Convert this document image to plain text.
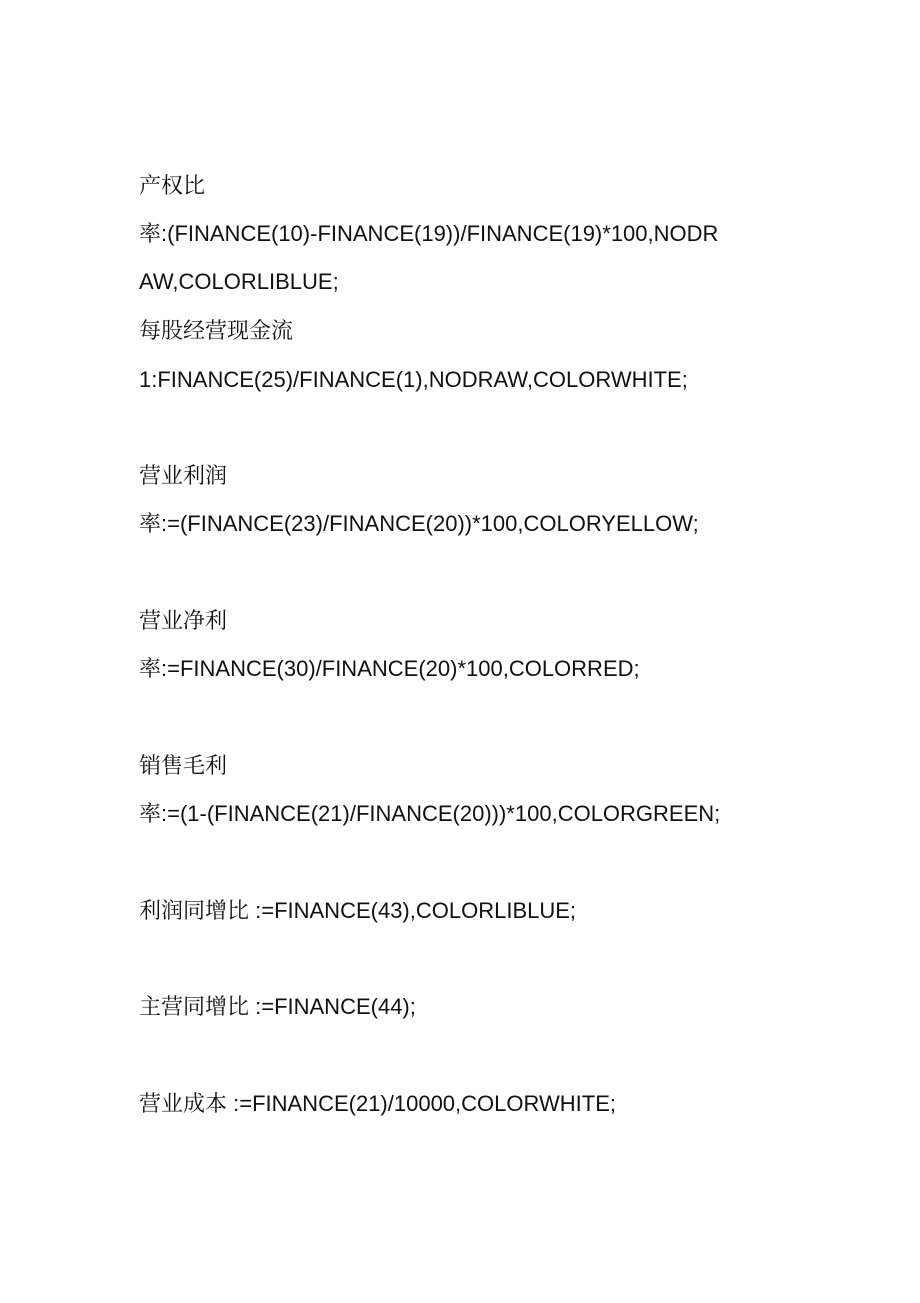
产权比

率:(FINANCE(10)-FINANCE(19))/FINANCE(19)*100,NODR

AW,COLORLIBLUE;

每股经营现金流

1:FINANCE(25)/FINANCE(1),NODRAW,COLORWHITE;

营业利润

率:=(FINANCE(23)/FINANCE(20))*100,COLORYELLOW;

营业净利

率:=FINANCE(30)/FINANCE(20)*100,COLORRED;

销售毛利

率:=(1-(FINANCE(21)/FINANCE(20)))*100,COLORGREEN;

利润同增比 :=FINANCE(43),COLORLIBLUE;

主营同增比 :=FINANCE(44);

营业成本 :=FINANCE(21)/10000,COLORWHITE;
